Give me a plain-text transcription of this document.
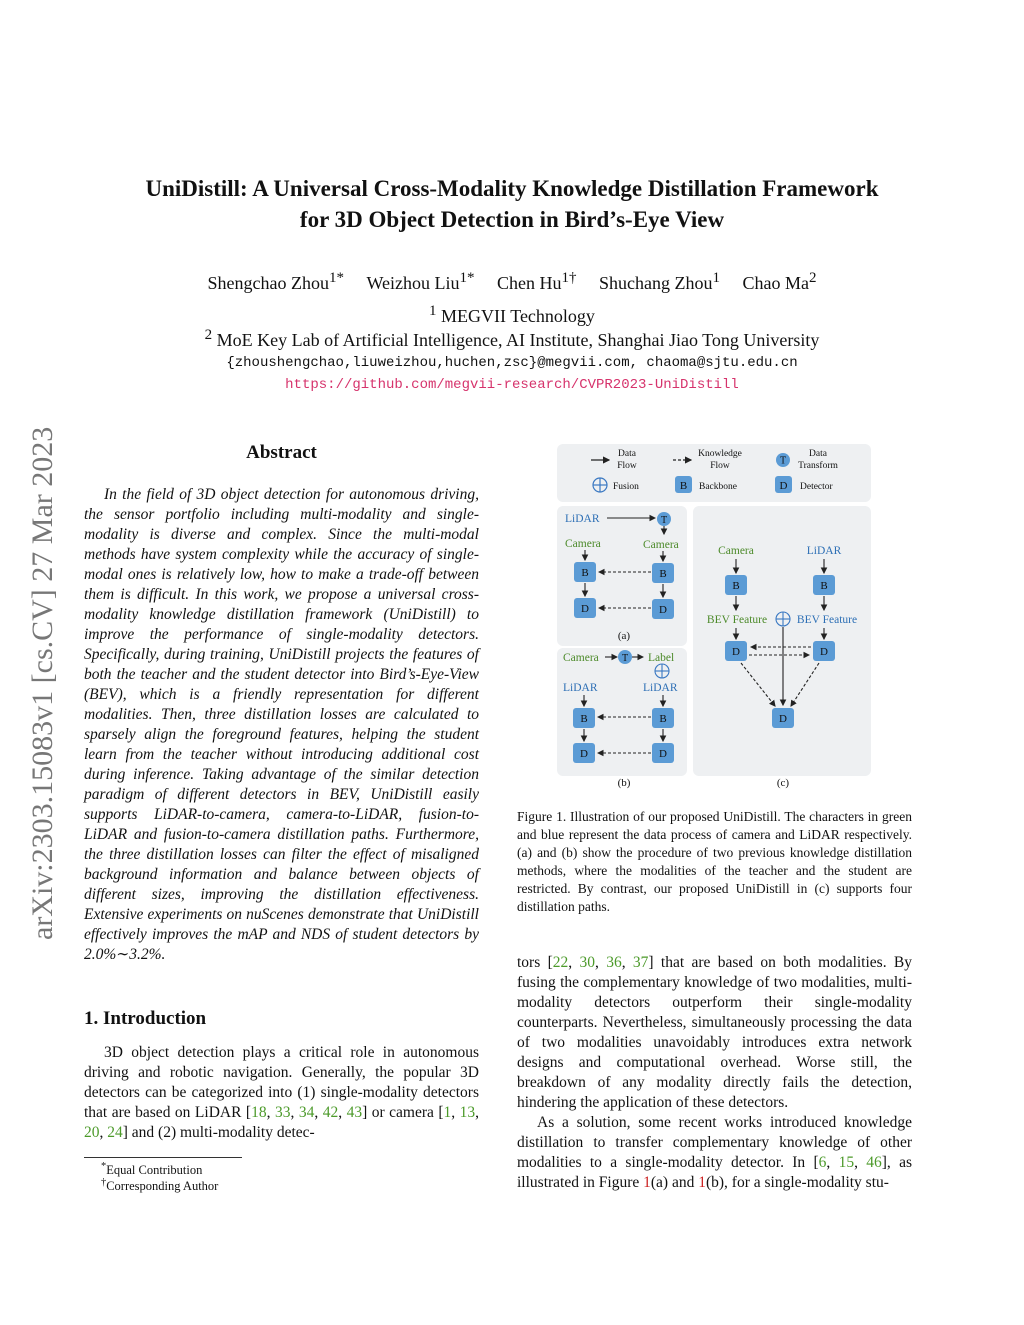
arXiv:2303.15083v1 [cs.CV] 27 Mar 2023
UniDistill: A Universal Cross-Modality Knowledge Distillation Framework
for 3D Object Detection in Bird’s-Eye View
Shengchao Zhou$^{1*}$ Weizhou Liu$^{1*}$ Chen $Hu^{1\dagger}$ Shuchang Zhou$^1$ Chao Ma$^2$
$^1$ MEGVII Technology
$^2$ MoE Key Lab of Artificial Intelligence, AI Institute, Shanghai Jiao Tong University
{zhoushengchao,liuweizhou,huchen,zsc}@megvii.com, chaoma@sjtu.edu.cn
https://github.com/megvii-research/CVPR2023-UniDistill
Abstract
In the field of 3D object detection for autonomous driving, the sensor portfolio including multi-modality and single-modality is diverse and complex. Since the multi-modal methods have system complexity while the accuracy of single-modal ones is relatively low, how to make a trade-off between them is difficult. In this work, we propose a universal cross-modality knowledge distillation framework (UniDistill) to improve the performance of single-modality detectors. Specifically, during training, UniDistill projects the features of both the teacher and the student detector into Bird’s-Eye-View (BEV), which is a friendly representation for different modalities. Then, three distillation losses are calculated to sparsely align the foreground features, helping the student learn from the teacher without introducing additional cost during inference. Taking advantage of the similar detection paradigm of different detectors in BEV, UniDistill easily supports LiDAR-to-camera, camera-to-LiDAR, fusion-to-LiDAR and fusion-to-camera distillation paths. Furthermore, the three distillation losses can filter the effect of misaligned background information and balance between objects of different sizes, improving the distillation effectiveness. Extensive experiments on nuScenes demonstrate that UniDistill effectively improves the mAP and NDS of student detectors by 2.0%∼3.2%.
1. Introduction
3D object detection plays a critical role in autonomous driving and robotic navigation. Generally, the popular 3D detectors can be categorized into (1) single-modality detectors that are based on LiDAR [18, 33, 34, 42, 43] or camera [1, 13, 20, 24] and (2) multi-modality detec-
*Equal Contribution
†Corresponding Author
Data
Flow
Knowledge
Flow	T
Data
Transform
Fusion	B Backbone	D Detector
LiDAR	T
Camera	Camera
B	B
D	D
(a)
Camera T Label
LiDAR	LiDAR
B	B
D	D
(b)
Camera	LiDAR
B	B
BEV Feature	BEV Feature
D	D
D
(c)
Figure 1. Illustration of our proposed UniDistill. The characters in green and blue represent the data process of camera and LiDAR respectively. (a) and (b) show the procedure of two previous knowledge distillation methods, where the modalities of the teacher and the student are restricted. By contrast, our proposed UniDistill in (c) supports four distillation paths.

tors [22, 30, 36, 37] that are based on both modalities. By fusing the complementary knowledge of two modalities, multi-modality detectors outperform their single-modality counterparts. Nevertheless, simultaneously processing the data of two modalities unavoidably introduces extra network designs and computational overhead. Worse still, the breakdown of any modality directly fails the detection, hindering the application of these detectors.

As a solution, some recent works introduced knowledge distillation to transfer complementary knowledge of other modalities to a single-modality detector. In [6, 15, 46], as illustrated in Figure 1(a) and 1(b), for a single-modality stu-
